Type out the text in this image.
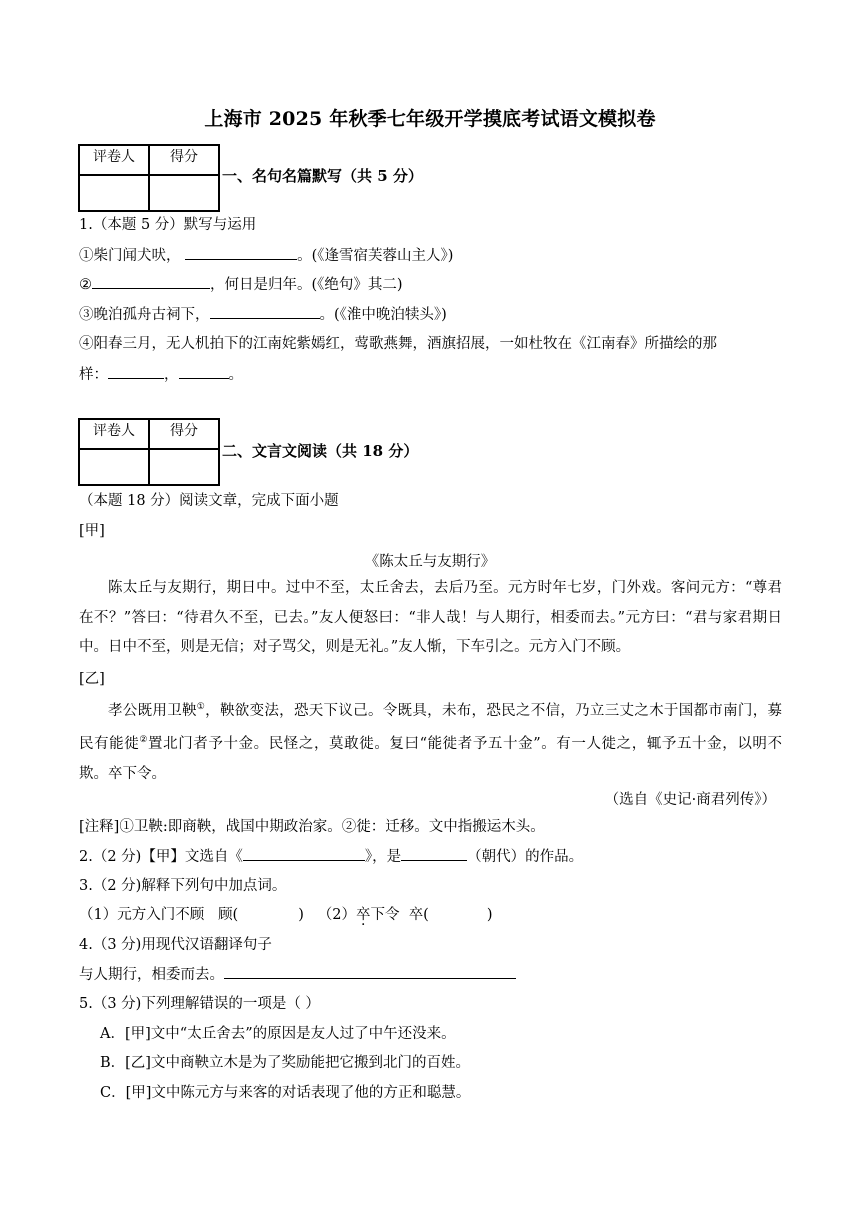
上海市 2025 年秋季七年级开学摸底考试语文模拟卷
评卷人	得分

一、名句名篇默写（共 5 分）
1.（本题 5 分）默写与运用
①柴门闻犬吠，	。(《逢雪宿芙蓉山主人》)
②	，何日是归年。(《绝句》其二)
③晚泊孤舟古祠下，	。(《淮中晚泊犊头》)
④阳春三月，无人机拍下的江南姹紫嫣红，莺歌燕舞，酒旗招展，一如杜牧在《江南春》所描绘的那
样：	，	。
评卷人	得分

二、文言文阅读（共 18 分）
（本题 18 分）阅读文章，完成下面小题
[甲]
《陈太丘与友期行》
陈太丘与友期行，期日中。过中不至，太丘舍去，去后乃至。元方时年七岁，门外戏。客问元方：“尊君在不？”答曰：“待君久不至，已去。”友人便怒曰：“非人哉！与人期行，相委而去。”元方曰：“君与家君期日中。日中不至，则是无信；对子骂父，则是无礼。”友人惭，下车引之。元方入门不顾。
[乙]
孝公既用卫鞅①，鞅欲变法，恐天下议己。令既具，未布，恐民之不信，乃立三丈之木于国都市南门，募民有能徙②置北门者予十金。民怪之，莫敢徙。复曰“能徙者予五十金”。有一人徙之，辄予五十金，以明不欺。卒下令。
（选自《史记·商君列传》）
[注释]①卫鞅:即商鞅，战国中期政治家。②徙：迁移。文中指搬运木头。
2.（2 分)【甲】文选自《	》，是	（朝代）的作品。
3.（2 分)解释下列句中加点词。
（1）元方入门不顾 顾(	) （2）卒下令 卒(	)
4.（3 分)用现代汉语翻译句子
与人期行，相委而去。
5.（3 分)下列理解错误的一项是（ ）
A．[甲]文中“太丘舍去”的原因是友人过了中午还没来。
B．[乙]文中商鞅立木是为了奖励能把它搬到北门的百姓。
C．[甲]文中陈元方与来客的对话表现了他的方正和聪慧。
